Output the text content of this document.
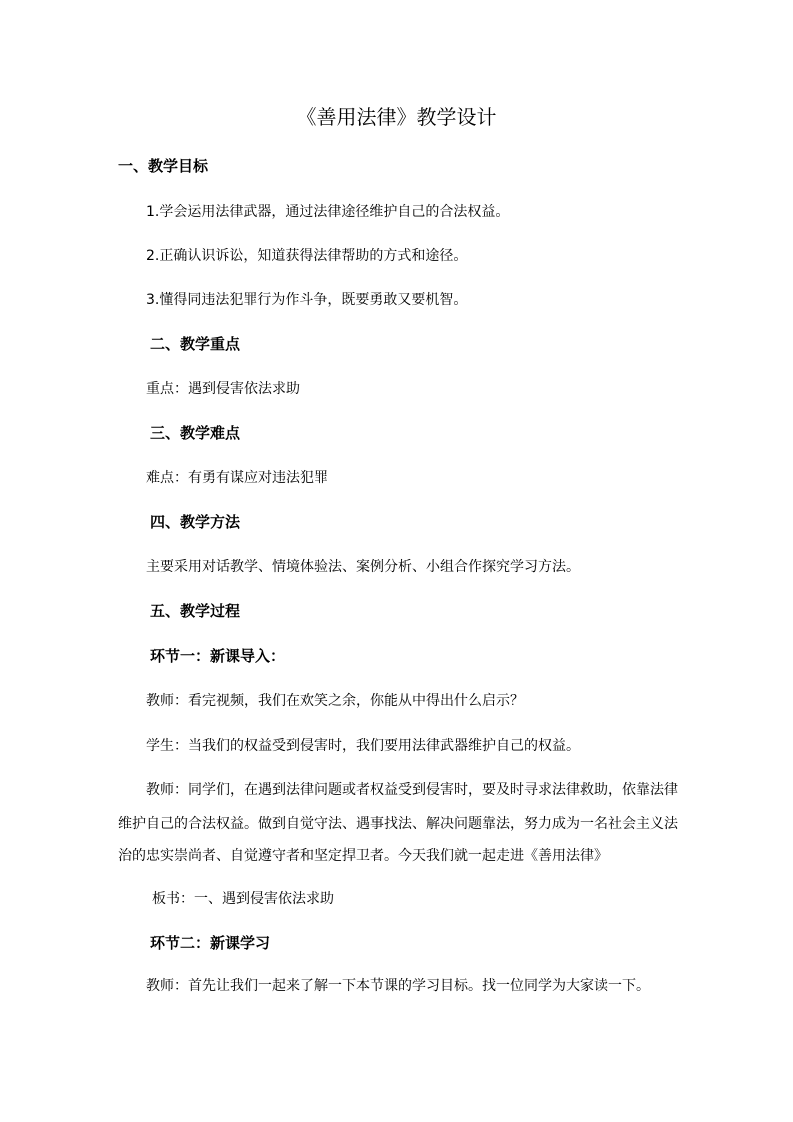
《善用法律》教学设计
一、教学目标
1.学会运用法律武器，通过法律途径维护自己的合法权益。
2.正确认识诉讼，知道获得法律帮助的方式和途径。
3.懂得同违法犯罪行为作斗争，既要勇敢又要机智。
二、教学重点
重点：遇到侵害依法求助
三、教学难点
难点：有勇有谋应对违法犯罪
四、教学方法
主要采用对话教学、情境体验法、案例分析、小组合作探究学习方法。
五、教学过程
环节一：新课导入：
教师：看完视频，我们在欢笑之余，你能从中得出什么启示？
学生：当我们的权益受到侵害时，我们要用法律武器维护自己的权益。
教师：同学们，在遇到法律问题或者权益受到侵害时，要及时寻求法律救助，依靠法律
维护自己的合法权益。做到自觉守法、遇事找法、解决问题靠法，努力成为一名社会主义法
治的忠实崇尚者、自觉遵守者和坚定捍卫者。今天我们就一起走进《善用法律》
板书：一、遇到侵害依法求助
环节二：新课学习
教师：首先让我们一起来了解一下本节课的学习目标。找一位同学为大家读一下。
